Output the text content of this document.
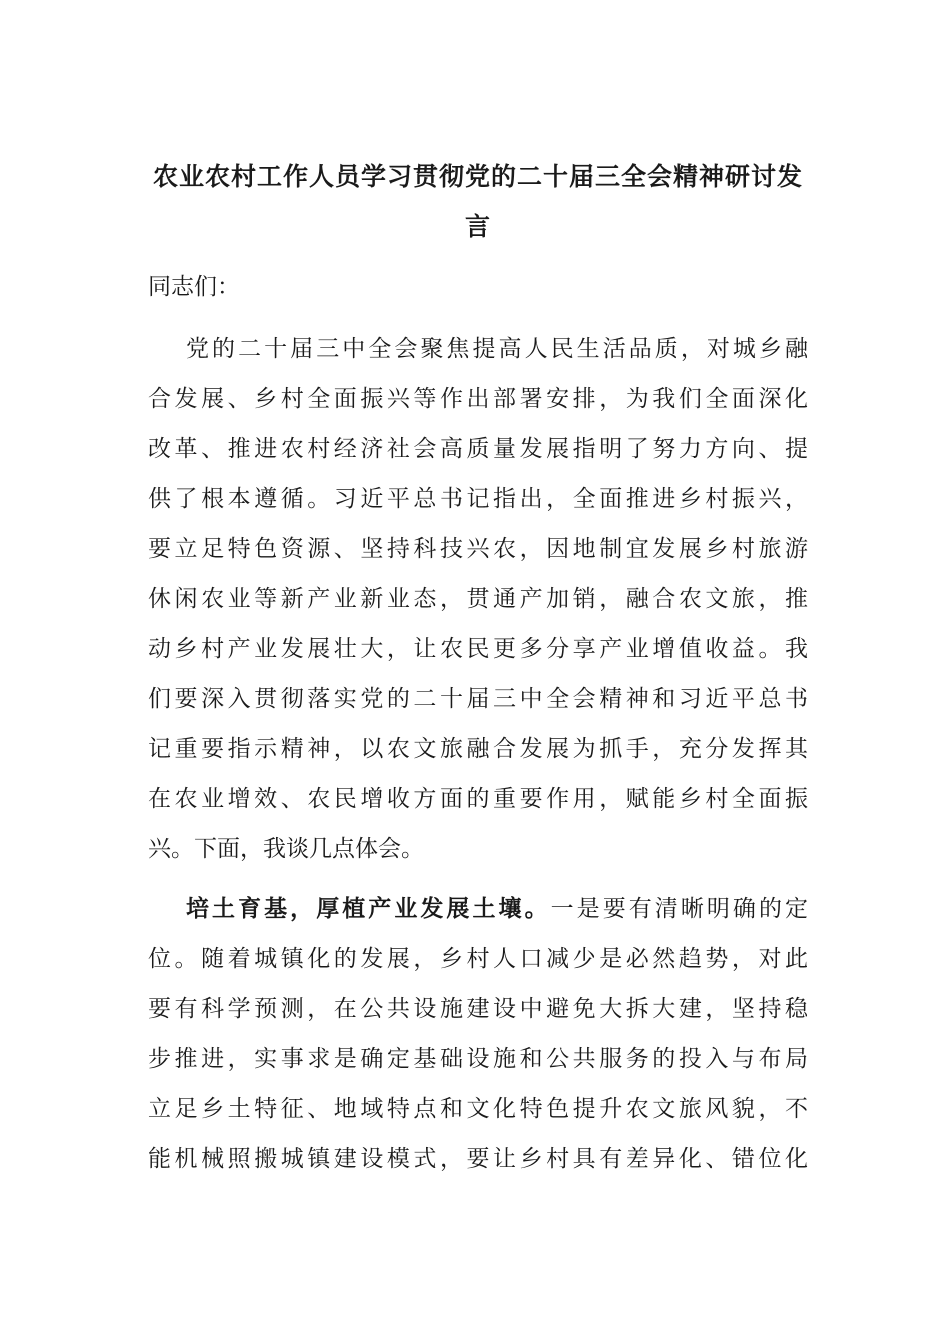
农业农村工作人员学习贯彻党的二十届三全会精神研讨发
言

同志们：

党的二十届三中全会聚焦提高人民生活品质，对城乡融
合发展、乡村全面振兴等作出部署安排，为我们全面深化
改革、推进农村经济社会高质量发展指明了努力方向、提
供了根本遵循。习近平总书记指出，全面推进乡村振兴，
要立足特色资源、坚持科技兴农，因地制宜发展乡村旅游
休闲农业等新产业新业态，贯通产加销，融合农文旅，推
动乡村产业发展壮大，让农民更多分享产业增值收益。我
们要深入贯彻落实党的二十届三中全会精神和习近平总书
记重要指示精神，以农文旅融合发展为抓手，充分发挥其
在农业增效、农民增收方面的重要作用，赋能乡村全面振
兴。下面，我谈几点体会。
培土育基，厚植产业发展土壤。一是要有清晰明确的定
位。随着城镇化的发展，乡村人口减少是必然趋势，对此
要有科学预测，在公共设施建设中避免大拆大建，坚持稳
步推进，实事求是确定基础设施和公共服务的投入与布局
立足乡土特征、地域特点和文化特色提升农文旅风貌，不
能机械照搬城镇建设模式，要让乡村具有差异化、错位化
